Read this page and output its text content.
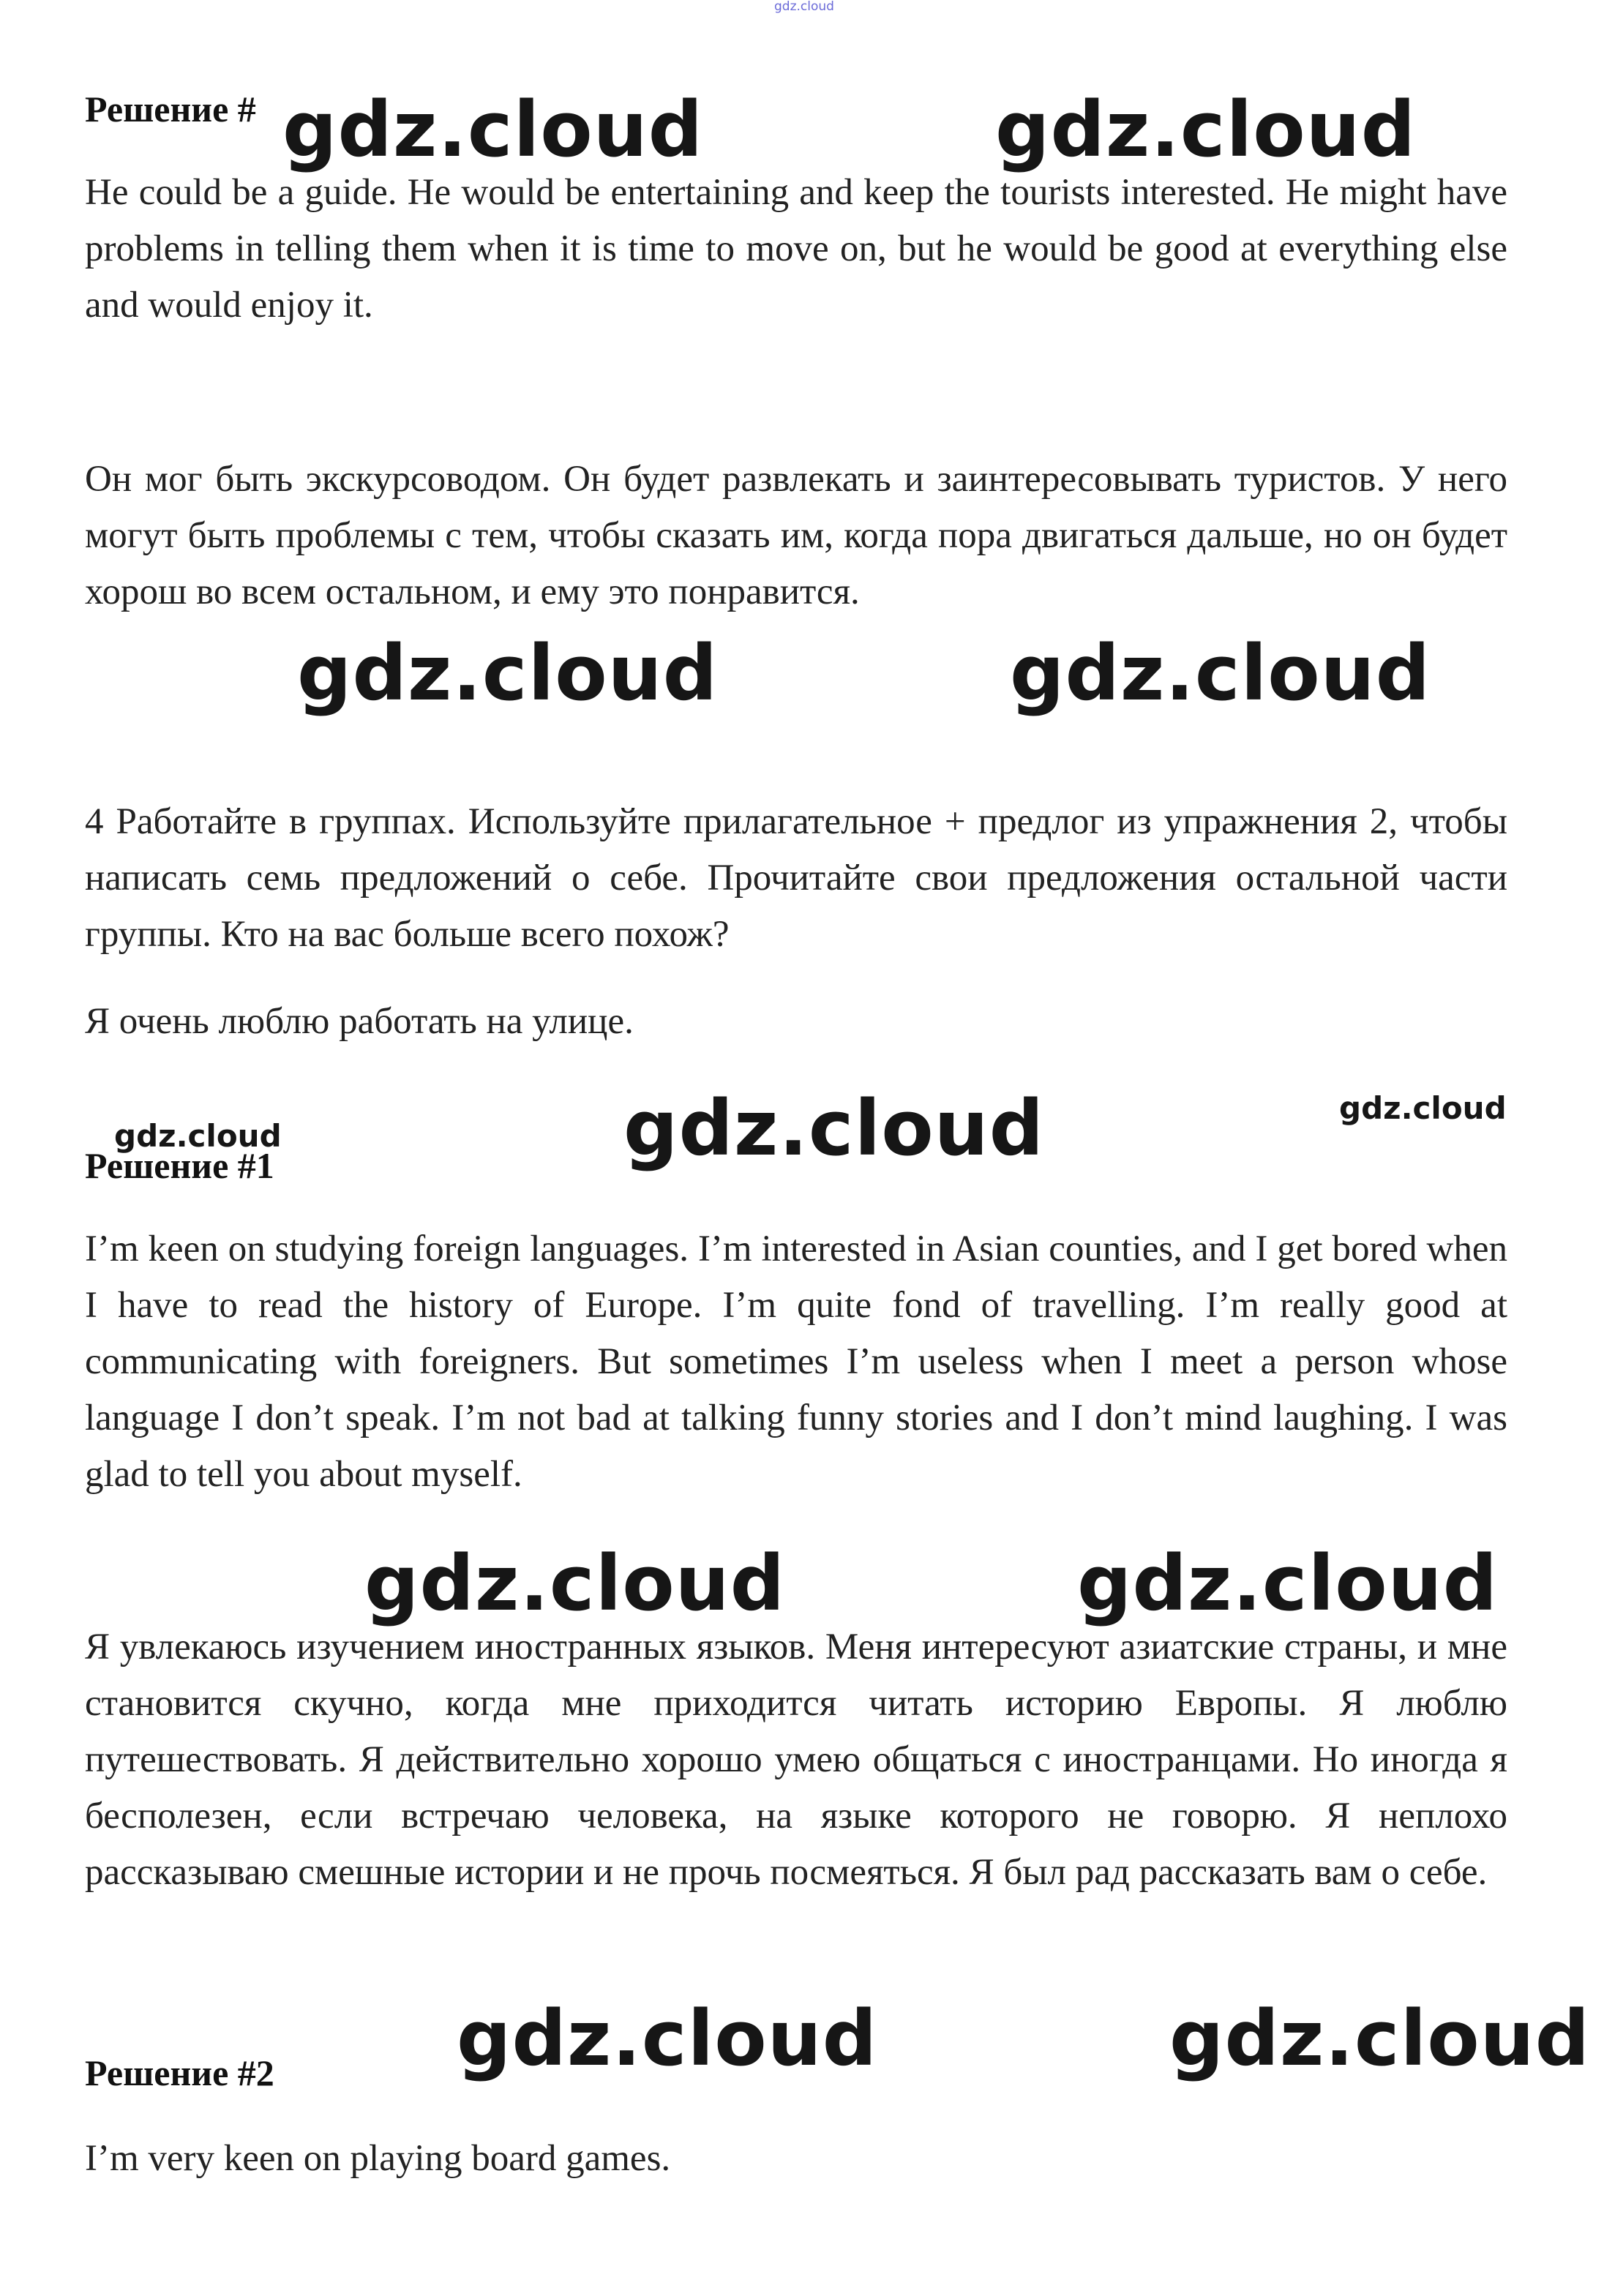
gdz.cloud

Решение #

He could be a guide. He would be entertaining and keep the tourists interested. He might have problems in telling them when it is time to move on, but he would be good at everything else and would enjoy it.

Он мог быть экскурсоводом. Он будет развлекать и заинтересовывать туристов. У него могут быть проблемы с тем, чтобы сказать им, когда пора двигаться дальше, но он будет хорош во всем остальном, и ему это понравится.

4 Работайте в группах. Используйте прилагательное + предлог из упражнения 2, чтобы написать семь предложений о себе. Прочитайте свои предложения остальной части группы. Кто на вас больше всего похож?

Я очень люблю работать на улице.

Решение #1

I’m keen on studying foreign languages. I’m interested in Asian counties, and I get bored when I have to read the history of Europe. I’m quite fond of travelling. I’m really good at communicating with foreigners. But sometimes I’m useless when I meet a person whose language I don’t speak. I’m not bad at talking funny stories and I don’t mind laughing. I was glad to tell you about myself.

Я увлекаюсь изучением иностранных языков. Меня интересуют азиатские страны, и мне становится скучно, когда мне приходится читать историю Европы. Я люблю путешествовать. Я действительно хорошо умею общаться с иностранцами. Но иногда я бесполезен, если встречаю человека, на языке которого не говорю. Я неплохо рассказываю смешные истории и не прочь посмеяться. Я был рад рассказать вам о себе.

Решение #2

I’m very keen on playing board games.

gdz.cloud	gdz.cloud
gdz.cloud	gdz.cloud
gdz.cloud	gdz.cloud	gdz.cloud
gdz.cloud	gdz.cloud
gdz.cloud	gdz.cloud
